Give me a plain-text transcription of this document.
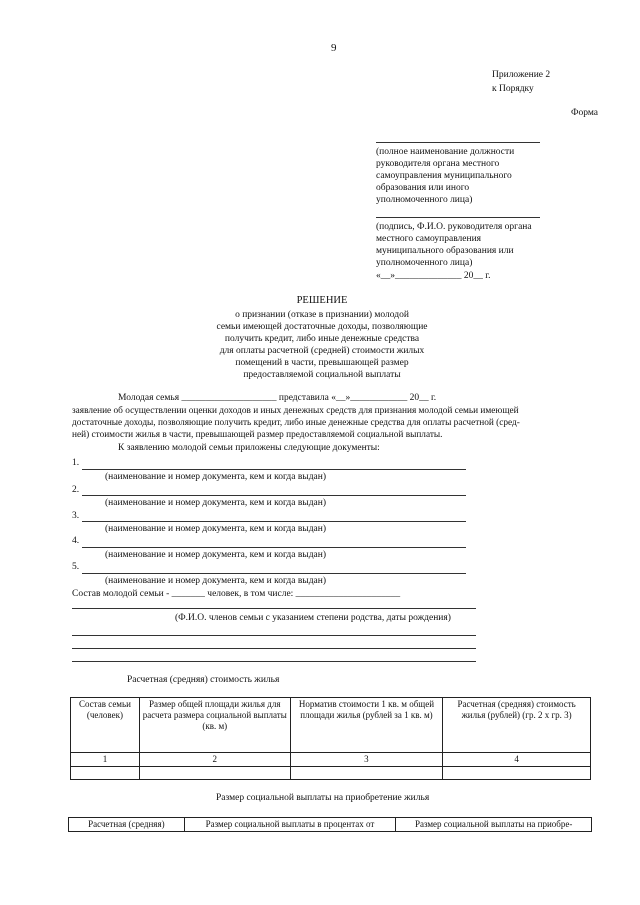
9
Приложение 2
к Порядку
Форма
(полное наименование должности руководителя органа местного самоуправления муниципального образования или иного уполномоченного лица)
(подпись, Ф.И.О. руководителя органа местного самоуправления муниципального образования или уполномоченного лица)
«__»______________ 20__ г.
РЕШЕНИЕ
о признании (отказе в признании) молодой
семьи имеющей достаточные доходы, позволяющие
получить кредит, либо иные денежные средства
для оплаты расчетной (средней) стоимости жилых
помещений в части, превышающей размер
предоставляемой социальной выплаты
Молодая семья ____________________ представила «__»____________ 20__ г.
заявление об осуществлении оценки доходов и иных денежных средств для признания молодой семьи имеющей
достаточные доходы, позволяющие получить кредит, либо иные денежные средства для оплаты расчетной (сред-
ней) стоимости жилья в части, превышающей размер предоставляемой социальной выплаты.
К заявлению молодой семьи приложены следующие документы:
1.
(наименование и номер документа, кем и когда выдан)
2.
(наименование и номер документа, кем и когда выдан)
3.
(наименование и номер документа, кем и когда выдан)
4.
(наименование и номер документа, кем и когда выдан)
5.
(наименование и номер документа, кем и когда выдан)
Состав молодой семьи - _______ человек, в том числе: ______________________
(Ф.И.О. членов семьи с указанием степени родства, даты рождения)
Расчетная (средняя) стоимость жилья
Состав семьи (человек)	Размер общей площади жилья для расчета размера социальной выплаты (кв. м)	Норматив стоимости 1 кв. м общей площади жилья (рублей за 1 кв. м)	Расчетная (средняя) стоимость жилья (рублей) (гр. 2 х гр. 3)
1	2	3	4

Размер социальной выплаты на приобретение жилья
Расчетная (средняя)	Размер социальной выплаты в процентах от	Размер социальной выплаты на приобре-
